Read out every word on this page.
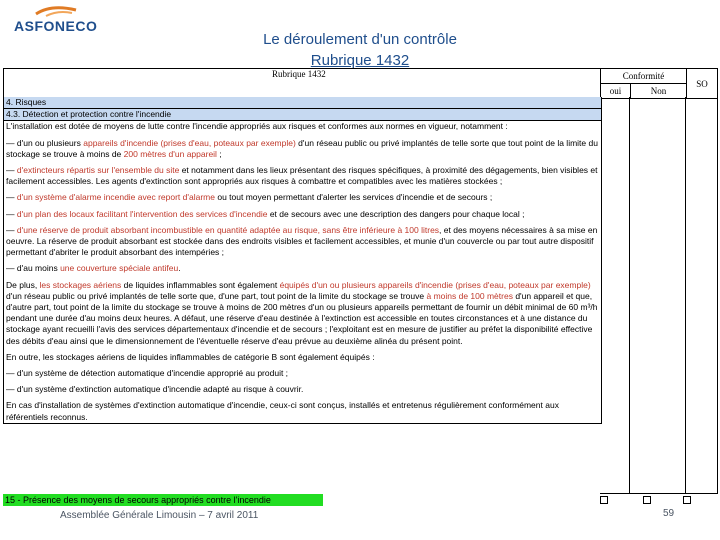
ASFONECO
Le déroulement d'un contrôle
Rubrique 1432
Rubrique 1432	Conformité		SO
	oui	Non	
4. Risques
4.3. Détection et protection contre l'incendie

L'installation est dotée de moyens de lutte contre l'incendie appropriés aux risques et conformes aux normes en vigueur, notamment :

— d'un ou plusieurs appareils d'incendie (prises d'eau, poteaux par exemple) d'un réseau public ou privé implantés de telle sorte que tout point de la limite du stockage se trouve à moins de 200 mètres d'un appareil ;

— d'extincteurs répartis sur l'ensemble du site et notamment dans les lieux présentant des risques spécifiques, à proximité des dégagements, bien visibles et facilement accessibles. Les agents d'extinction sont appropriés aux risques à combattre et compatibles avec les matières stockées ;

— d'un système d'alarme incendie avec report d'alarme ou tout moyen permettant d'alerter les services d'incendie et de secours ;

— d'un plan des locaux facilitant l'intervention des services d'incendie et de secours avec une description des dangers pour chaque local ;

— d'une réserve de produit absorbant incombustible en quantité adaptée au risque, sans être inférieure à 100 litres, et des moyens nécessaires à sa mise en oeuvre. La réserve de produit absorbant est stockée dans des endroits visibles et facilement accessibles, et munie d'un couvercle ou par tout autre dispositif permettant d'abriter le produit absorbant des intempéries ;

— d'au moins une couverture spéciale antifeu.

De plus, les stockages aériens de liquides inflammables sont également équipés d'un ou plusieurs appareils d'incendie (prises d'eau, poteaux par exemple) d'un réseau public ou privé implantés de telle sorte que, d'une part, tout point de la limite du stockage se trouve à moins de 100 mètres d'un appareil et que, d'autre part, tout point de la limite du stockage se trouve à moins de 200 mètres d'un ou plusieurs appareils permettant de fournir un débit minimal de 60 m³/h pendant une durée d'au moins deux heures. A défaut, une réserve d'eau destinée à l'extinction est accessible en toutes circonstances et à une distance du stockage ayant recueilli l'avis des services départementaux d'incendie et de secours ; l'exploitant est en mesure de justifier au préfet la disponibilité effective des débits d'eau ainsi que le dimensionnement de l'éventuelle réserve d'eau prévue au deuxième alinéa du présent point.

En outre, les stockages aériens de liquides inflammables de catégorie B sont également équipés :

— d'un système de détection automatique d'incendie approprié au produit ;

— d'un système d'extinction automatique d'incendie adapté au risque à couvrir.

En cas d'installation de systèmes d'extinction automatique d'incendie, ceux-ci sont conçus, installés et entretenus régulièrement conformément aux référentiels reconnus.

15 - Présence des moyens de secours appropriés contre l'incendie
Assemblée Générale Limousin – 7 avril 2011	59
